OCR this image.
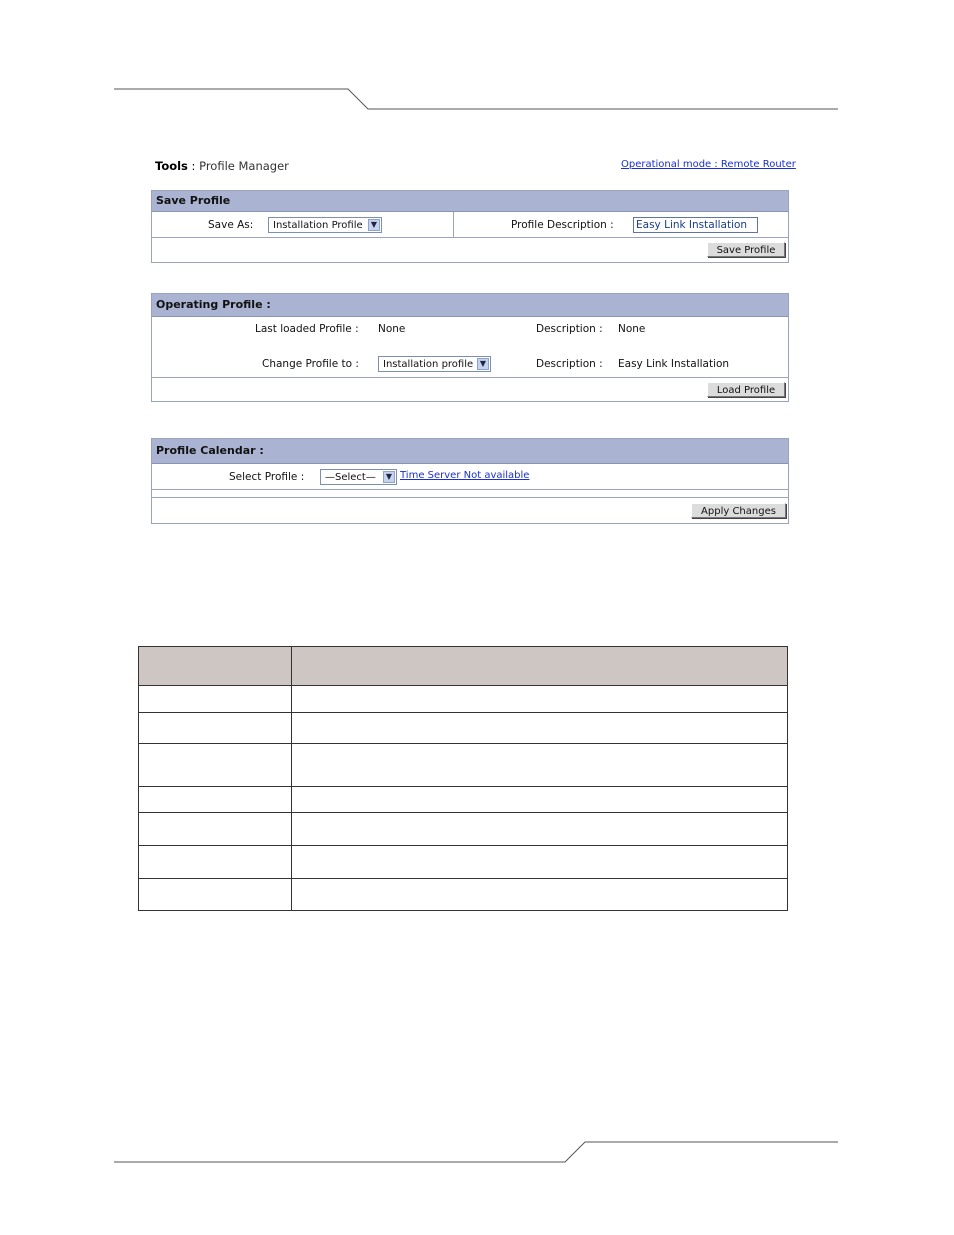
Tools : Profile Manager	Operational mode : Remote Router
Save Profile
Save As:	Installation Profile	▼	Profile Description : Easy Link Installation
Save Profile
Operating Profile :
Last loaded Profile : None	Description : None
Change Profile to :	Installation profile ▼	Description : Easy Link Installation
Load Profile
Profile Calendar :
Select Profile :	—Select—	▼ Time Server Not available
Apply Changes
